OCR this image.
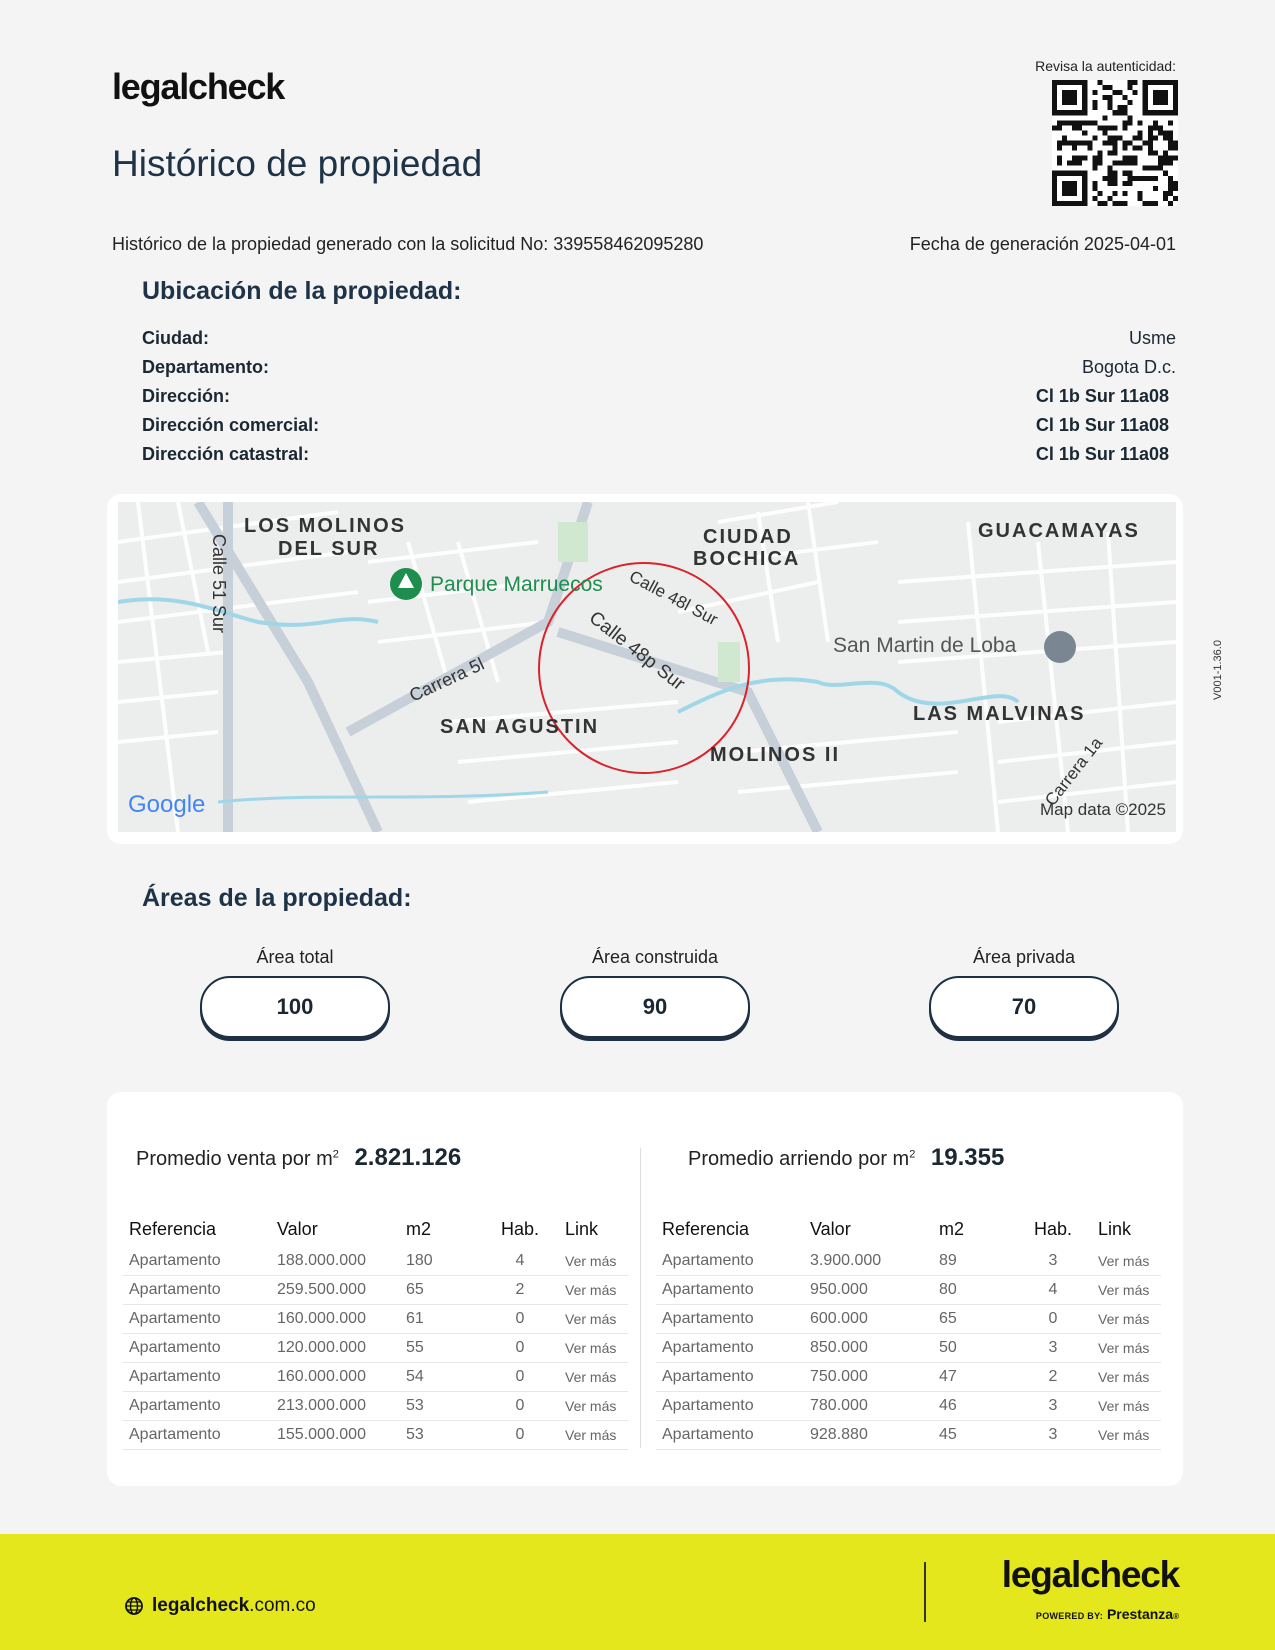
legalcheck
Histórico de propiedad
Revisa la autenticidad:
Histórico de la propiedad generado con la solicitud No: 339558462095280	Fecha de generación 2025-04-01
Ubicación de la propiedad:
Ciudad:	Usme
Departamento:	Bogota D.c.
Dirección:	Cl 1b Sur 11a08
Dirección comercial:	Cl 1b Sur 11a08
Dirección catastral:	Cl 1b Sur 11a08
LOS MOLINOS
DEL SUR
CIUDAD
BOCHICA
GUACAMAYAS
Parque Marruecos Calle 48l Sur
Calle 48p Sur
Calle 51 Sur
Carrera 5l
SAN AGUSTIN
San Martin de Loba
LAS MALVINAS
MOLINOS II	Carrera 1a
Google	Map data ©2025
V001-1.36.0
Áreas de la propiedad:
Área total
100
Área construida
90
Área privada
70
Promedio venta por $m^2$ 2.821.126	Promedio arriendo por $m^2$ 19.355
Referencia	Valor	m2	Hab.	Link
Apartamento	188.000.000	180	4	Ver más
Apartamento	259.500.000	65	2	Ver más
Apartamento	160.000.000	61	0	Ver más
Apartamento	120.000.000	55	0	Ver más
Apartamento	160.000.000	54	0	Ver más
Apartamento	213.000.000	53	0	Ver más
Apartamento	155.000.000	53	0	Ver más
Referencia	Valor	m2	Hab.	Link
Apartamento	3.900.000	89	3	Ver más
Apartamento	950.000	80	4	Ver más
Apartamento	600.000	65	0	Ver más
Apartamento	850.000	50	3	Ver más
Apartamento	750.000	47	2	Ver más
Apartamento	780.000	46	3	Ver más
Apartamento	928.880	45	3	Ver más
legalcheck .com.co
legalcheck
POWERED BY: Prestanza®
